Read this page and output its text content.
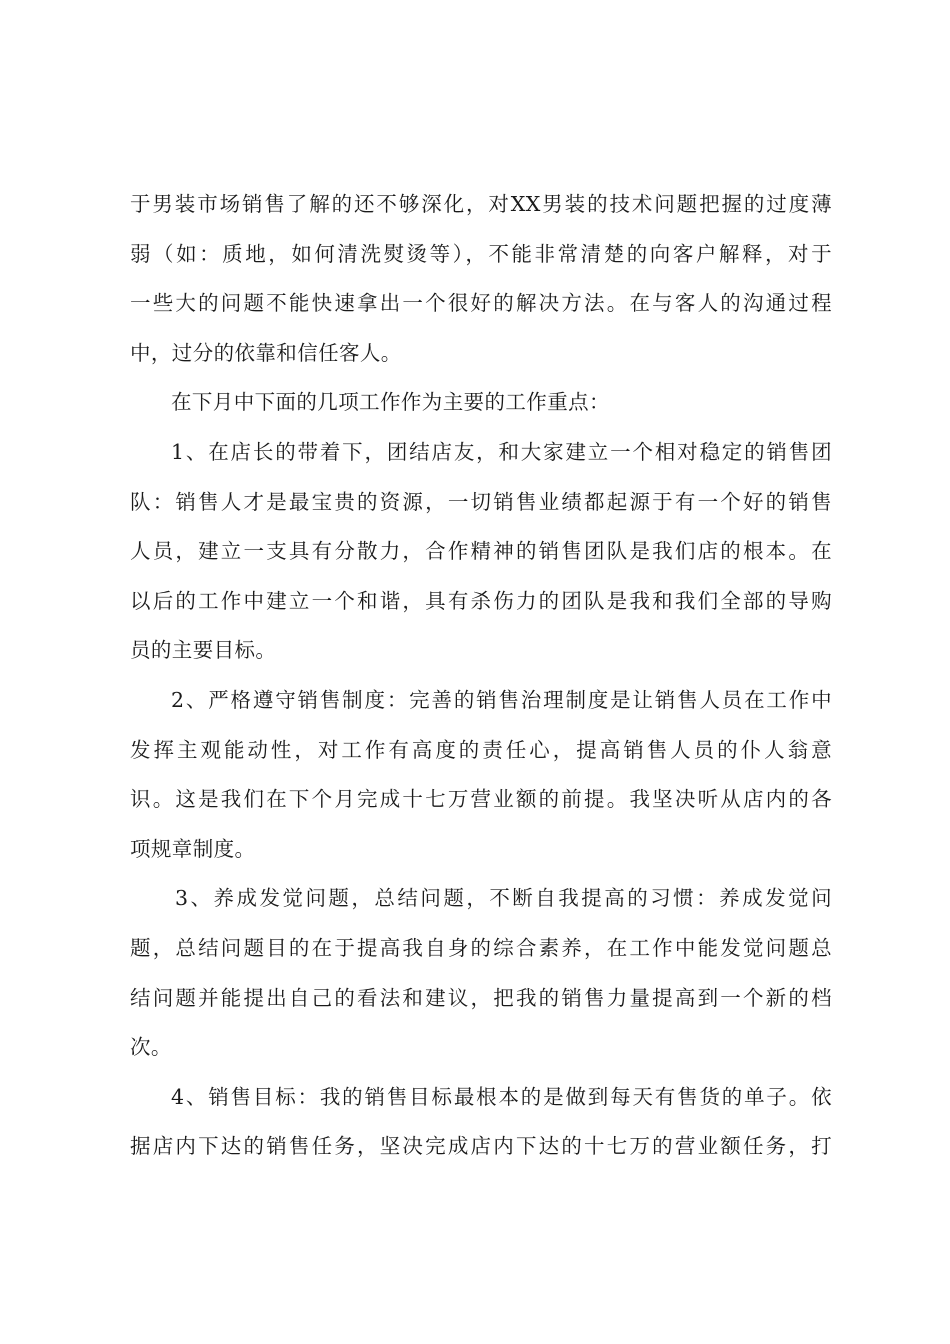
于男装市场销售了解的还不够深化，对XX男装的技术问题把握的过度薄
弱（如：质地，如何清洗熨烫等），不能非常清楚的向客户解释，对于
一些大的问题不能快速拿出一个很好的解决方法。在与客人的沟通过程
中，过分的依靠和信任客人。
在下月中下面的几项工作作为主要的工作重点：
1、在店长的带着下，团结店友，和大家建立一个相对稳定的销售团
队：销售人才是最宝贵的资源，一切销售业绩都起源于有一个好的销售
人员，建立一支具有分散力，合作精神的销售团队是我们店的根本。在
以后的工作中建立一个和谐，具有杀伤力的团队是我和我们全部的导购
员的主要目标。
2、严格遵守销售制度：完善的销售治理制度是让销售人员在工作中
发挥主观能动性，对工作有高度的责任心，提高销售人员的仆人翁意
识。这是我们在下个月完成十七万营业额的前提。我坚决听从店内的各
项规章制度。
3、养成发觉问题，总结问题，不断自我提高的习惯：养成发觉问
题，总结问题目的在于提高我自身的综合素养，在工作中能发觉问题总
结问题并能提出自己的看法和建议，把我的销售力量提高到一个新的档
次。
4、销售目标：我的销售目标最根本的是做到每天有售货的单子。依
据店内下达的销售任务，坚决完成店内下达的十七万的营业额任务，打
